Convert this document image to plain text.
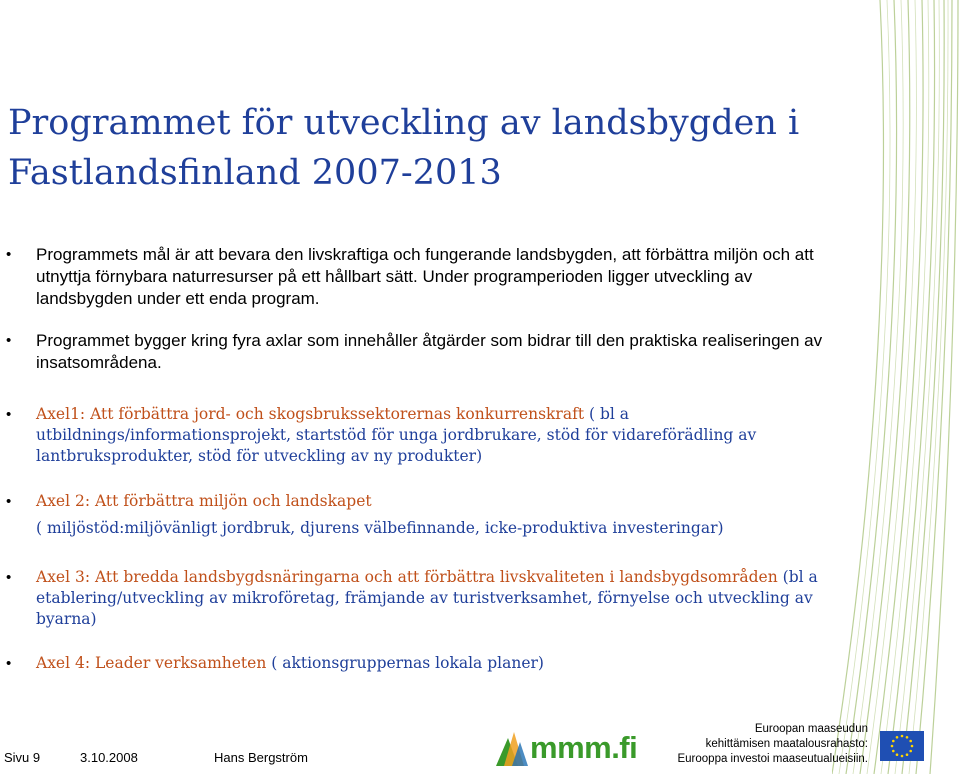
Programmet för utveckling av landsbygden i
Fastlandsfinland 2007-2013
• Programmets mål är att bevara den livskraftiga och fungerande landsbygden, att förbättra miljön och att utnyttja förnybara naturresurser på ett hållbart sätt. Under programperioden ligger utveckling av landsbygden under ett enda program.
• Programmet bygger kring fyra axlar som innehåller åtgärder som bidrar till den praktiska realiseringen av insatsområdena.
• Axel1: Att förbättra jord- och skogsbrukssektorernas konkurrenskraft ( bl a utbildnings/informationsprojekt, startstöd för unga jordbrukare, stöd för vidareförädling av lantbruksprodukter, stöd för utveckling av ny produkter)
• Axel 2: Att förbättra miljön och landskapet
( miljöstöd:miljövänligt jordbruk, djurens välbefinnande, icke-produktiva investeringar)
• Axel 3: Att bredda landsbygdsnäringarna och att förbättra livskvaliteten i landsbygdsområden (bl a etablering/utveckling av mikroföretag, främjande av turistverksamhet, förnyelse och utveckling av byarna)
• Axel 4: Leader verksamheten ( aktionsgruppernas lokala planer)
Sivu 9	3.10.2008	Hans Bergström	mmm.fi
Euroopan maaseudun
kehittämisen maatalousrahasto:
Eurooppa investoi maaseutualueisiin.
